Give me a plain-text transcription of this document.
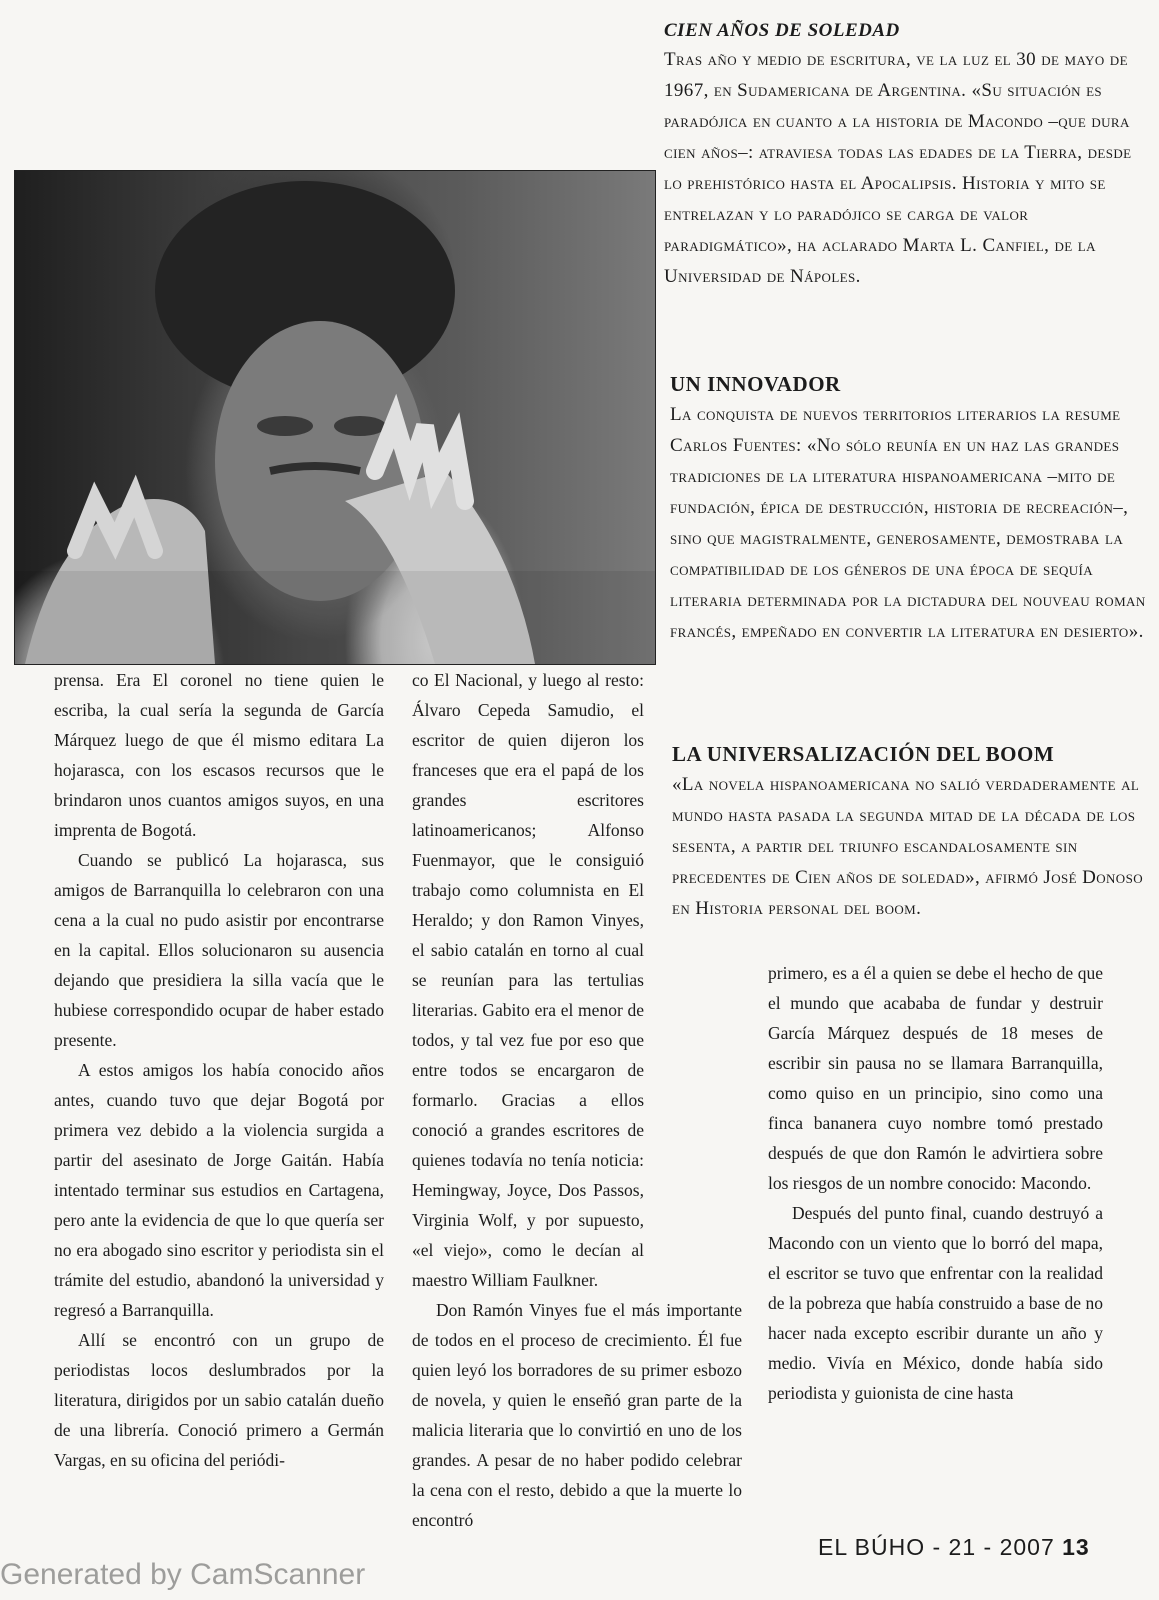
CIEN AÑOS DE SOLEDAD
Tras año y medio de escritura, ve la luz el 30 de mayo de 1967, en Sudamericana de Argentina. «Su situación es paradójica en cuanto a la historia de Macondo –que dura cien años–: atraviesa todas las edades de la Tierra, desde lo prehistórico hasta el Apocalipsis. Historia y mito se entrelazan y lo paradójico se carga de valor paradigmático», ha aclarado Marta L. Canfiel, de la Universidad de Nápoles.
UN INNOVADOR
La conquista de nuevos territorios literarios la resume Carlos Fuentes: «No sólo reunía en un haz las grandes tradiciones de la literatura hispanoamericana –mito de fundación, épica de destrucción, historia de recreación–, sino que magistralmente, generosamente, demostraba la compatibilidad de los géneros de una época de sequía literaria determinada por la dictadura del nouveau roman francés, empeñado en convertir la literatura en desierto».
LA UNIVERSALIZACIÓN DEL BOOM
«La novela hispanoamericana no salió verdaderamente al mundo hasta pasada la segunda mitad de la década de los sesenta, a partir del triunfo escandalosamente sin precedentes de Cien años de soledad», afirmó José Donoso en Historia personal del boom.

prensa. Era El coronel no tiene quien le escriba, la cual sería la segunda de García Márquez luego de que él mismo editara La hojarasca, con los escasos recursos que le brindaron unos cuantos amigos suyos, en una imprenta de Bogotá.

Cuando se publicó La hojarasca, sus amigos de Barranquilla lo celebraron con una cena a la cual no pudo asistir por encontrarse en la capital. Ellos solucionaron su ausencia dejando que presidiera la silla vacía que le hubiese correspondido ocupar de haber estado presente.

A estos amigos los había conocido años antes, cuando tuvo que dejar Bogotá por primera vez debido a la violencia surgida a partir del asesinato de Jorge Gaitán. Había intentado terminar sus estudios en Cartagena, pero ante la evidencia de que lo que quería ser no era abogado sino escritor y periodista sin el trámite del estudio, abandonó la universidad y regresó a Barranquilla.

Allí se encontró con un grupo de periodistas locos deslumbrados por la literatura, dirigidos por un sabio catalán dueño de una librería. Conoció primero a Germán Vargas, en su oficina del periódi-

co El Nacional, y luego al resto: Álvaro Cepeda Samudio, el escritor de quien dijeron los franceses que era el papá de los grandes escritores latinoamericanos; Alfonso Fuenmayor, que le consiguió trabajo como columnista en El Heraldo; y don Ramon Vinyes, el sabio catalán en torno al cual se reunían para las tertulias literarias. Gabito era el menor de todos, y tal vez fue por eso que entre todos se encargaron de formarlo. Gracias a ellos conoció a grandes escritores de quienes todavía no tenía noticia: Hemingway, Joyce, Dos Passos, Virginia Wolf, y por supuesto, «el viejo», como le decían al maestro William Faulkner.

Don Ramón Vinyes fue el más importante de todos en el proceso de crecimiento. Él fue quien leyó los borradores de su primer esbozo de novela, y quien le enseñó gran parte de la malicia literaria que lo convirtió en uno de los grandes. A pesar de no haber podido celebrar la cena con el resto, debido a que la muerte lo encontró

primero, es a él a quien se debe el hecho de que el mundo que acababa de fundar y destruir García Márquez después de 18 meses de escribir sin pausa no se llamara Barranquilla, como quiso en un principio, sino como una finca bananera cuyo nombre tomó prestado después de que don Ramón le advirtiera sobre los riesgos de un nombre conocido: Macondo.

Después del punto final, cuando destruyó a Macondo con un viento que lo borró del mapa, el escritor se tuvo que enfrentar con la realidad de la pobreza que había construido a base de no hacer nada excepto escribir durante un año y medio. Vivía en México, donde había sido periodista y guionista de cine hasta

EL BÚHO - 21 - 2007 13
Generated by CamScanner
